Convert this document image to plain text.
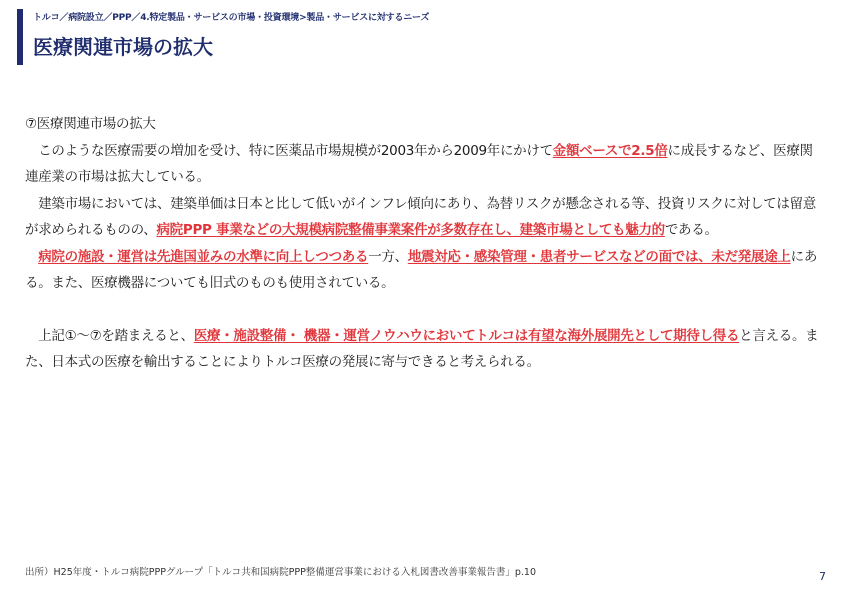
トルコ／病院設立／PPP／4.特定製品・サービスの市場・投資環境>製品・サービスに対するニーズ
医療関連市場の拡大

⑦医療関連市場の拡大

　このような医療需要の増加を受け、特に医薬品市場規模が2003年から2009年にかけて金額ベースで2.5倍に成長するなど、医療関連産業の市場は拡大している。

　建築市場においては、建築単価は日本と比して低いがインフレ傾向にあり、為替リスクが懸念される等、投資リスクに対しては留意が求められるものの、病院PPP 事業などの大規模病院整備事業案件が多数存在し、建築市場としても魅力的である。

　病院の施設・運営は先進国並みの水準に向上しつつある一方、地震対応・感染管理・患者サービスなどの面では、未だ発展途上にある。また、医療機器についても旧式のものも使用されている。

　上記①～⑦を踏まえると、医療・施設整備・ 機器・運営ノウハウにおいてトルコは有望な海外展開先として期待し得ると言える。また、日本式の医療を輸出することによりトルコ医療の発展に寄与できると考えられる。

出所）H25年度・トルコ病院PPPグループ「トルコ共和国病院PPP整備運営事業における入札図書改善事業報告書」p.10	7
